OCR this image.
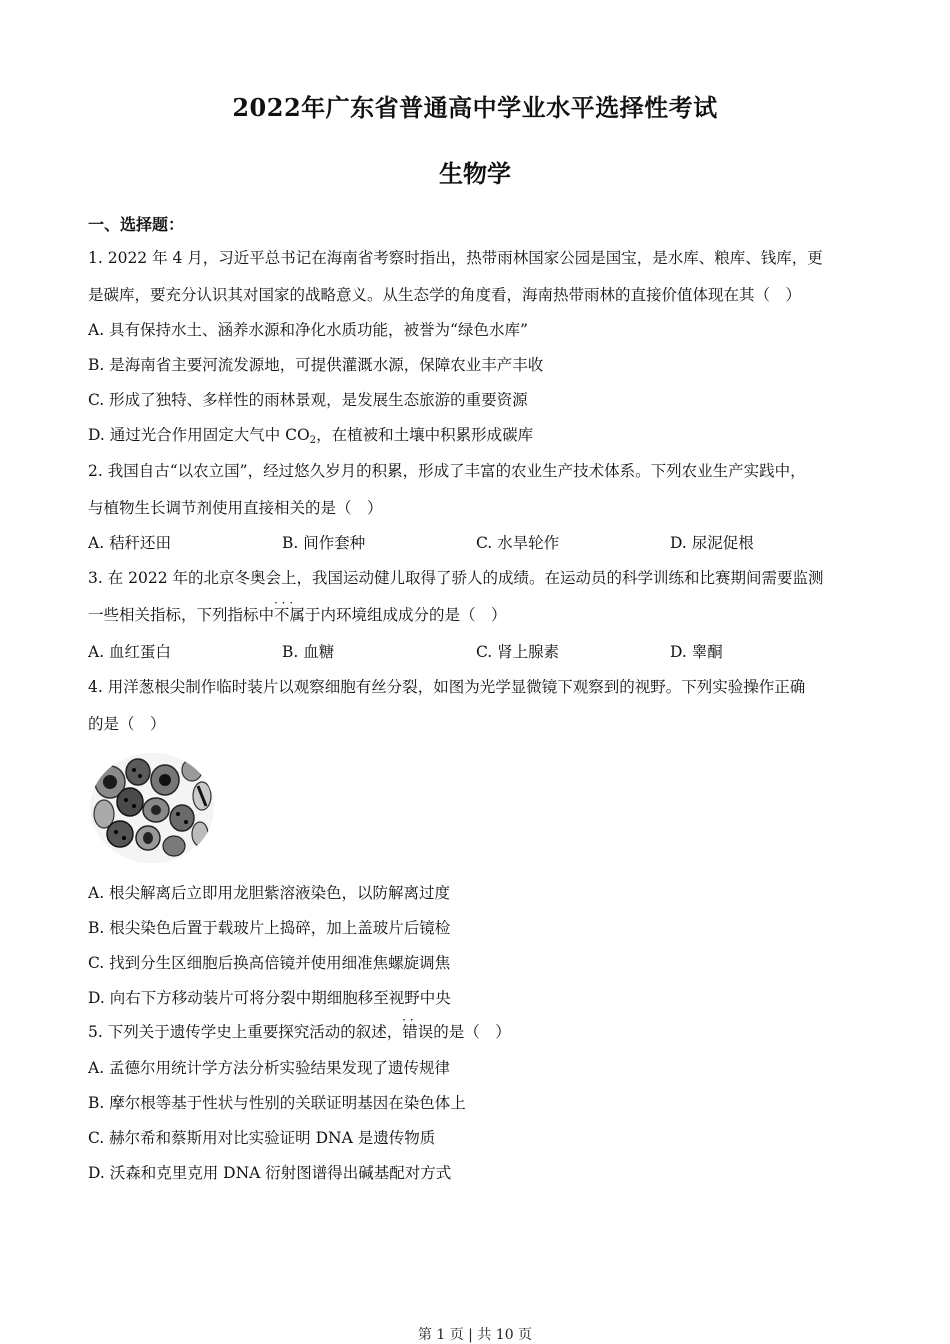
2022年广东省普通高中学业水平选择性考试
生物学
一、选择题：
1. 2022 年 4 月，习近平总书记在海南省考察时指出，热带雨林国家公园是国宝，是水库、粮库、钱库，更
是碳库，要充分认识其对国家的战略意义。从生态学的角度看，海南热带雨林的直接价值体现在其（　）
A. 具有保持水土、涵养水源和净化水质功能，被誉为“绿色水库”
B. 是海南省主要河流发源地，可提供灌溉水源，保障农业丰产丰收
C. 形成了独特、多样性的雨林景观，是发展生态旅游的重要资源
D. 通过光合作用固定大气中 $CO_2$，在植被和土壤中积累形成碳库
2. 我国自古“以农立国”，经过悠久岁月的积累，形成了丰富的农业生产技术体系。下列农业生产实践中，
与植物生长调节剂使用直接相关的是（　）
A. 秸秆还田	B. 间作套种	C. 水旱轮作	D. 尿泥促根
3. 在 2022 年的北京冬奥会上，我国运动健儿取得了骄人的成绩。在运动员的科学训练和比赛期间需要监测
一些相关指标，下列指标中· · · 不属于内环境组成成分的是（　）
A. 血红蛋白	B. 血糖	C. 肾上腺素	D. 睾酮
4. 用洋葱根尖制作临时装片以观察细胞有丝分裂，如图为光学显微镜下观察到的视野。下列实验操作正确
的是（　）
A. 根尖解离后立即用龙胆紫溶液染色，以防解离过度
B. 根尖染色后置于载玻片上捣碎，加上盖玻片后镜检
C. 找到分生区细胞后换高倍镜并使用细准焦螺旋调焦
D. 向右下方移动装片可将分裂中期细胞移至视野中央
5. 下列关于遗传学史上重要探究活动的叙述，· · 错误的是（　）
A. 孟德尔用统计学方法分析实验结果发现了遗传规律
B. 摩尔根等基于性状与性别的关联证明基因在染色体上
C. 赫尔希和蔡斯用对比实验证明 DNA 是遗传物质
D. 沃森和克里克用 DNA 衍射图谱得出碱基配对方式
第 1 页 | 共 10 页
